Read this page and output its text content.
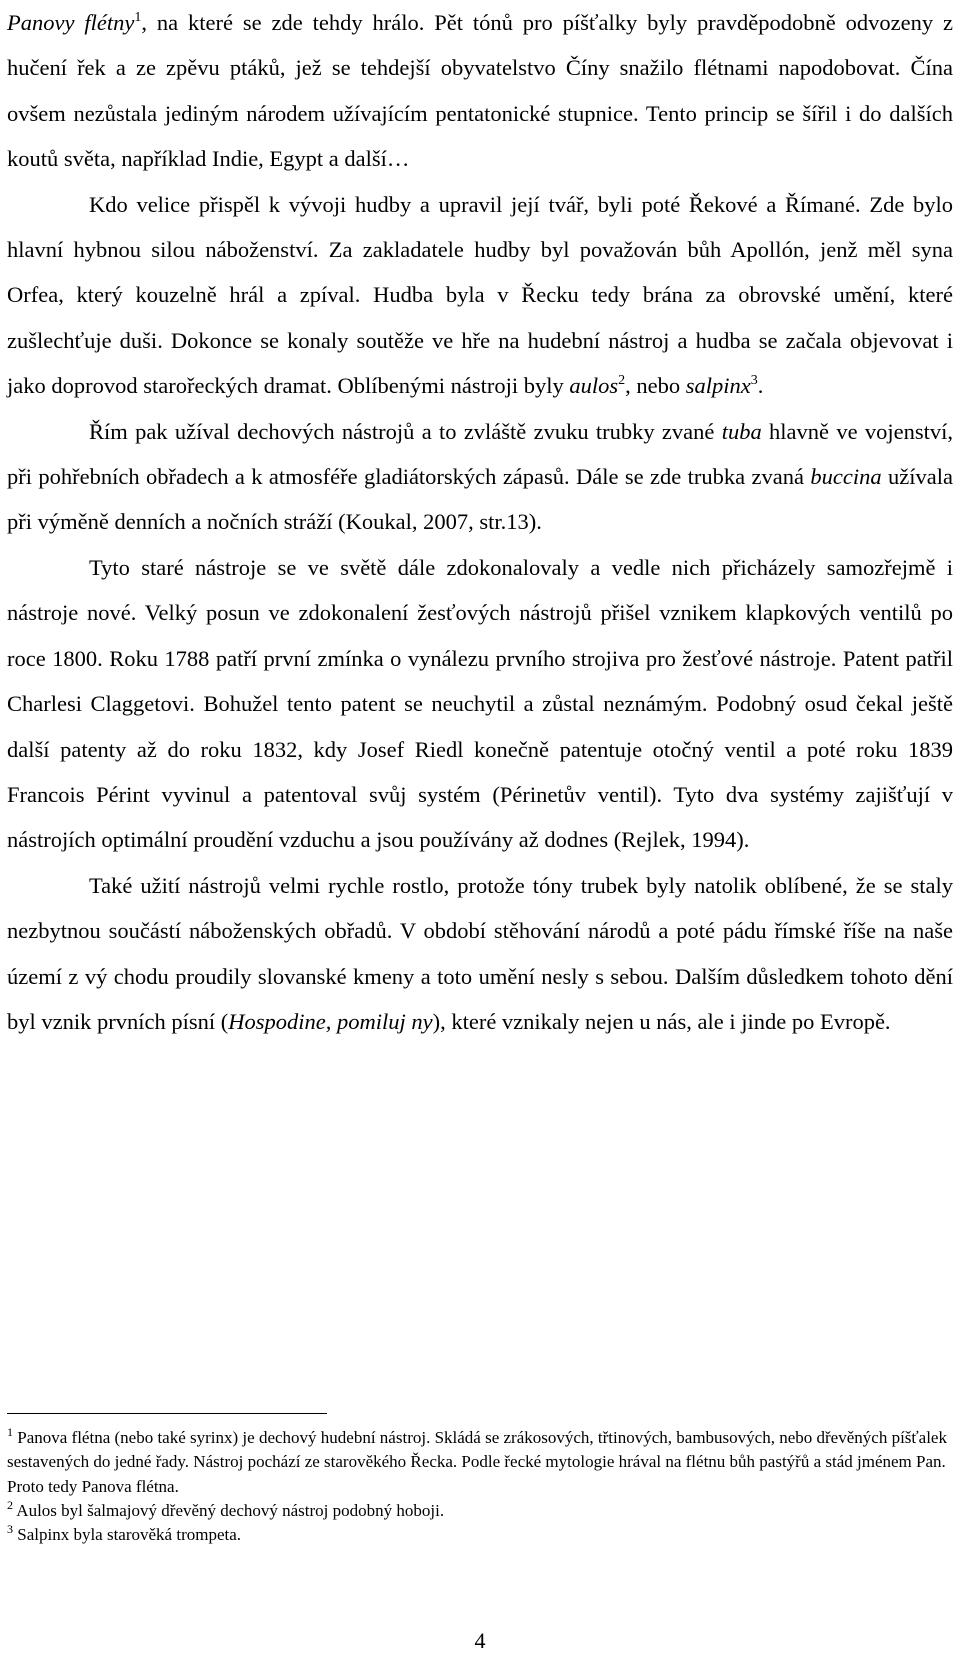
Panovy flétny$^1$, na které se zde tehdy hrálo. Pět tónů pro píšťalky byly pravděpodobně odvozeny z hučení řek a ze zpěvu ptáků, jež se tehdejší obyvatelstvo Číny snažilo flétnami napodobovat. Čína ovšem nezůstala jediným národem užívajícím pentatonické stupnice. Tento princip se šířil i do dalších koutů světa, například Indie, Egypt a další…

Kdo velice přispěl k vývoji hudby a upravil její tvář, byli poté Řekové a Římané. Zde bylo hlavní hybnou silou náboženství. Za zakladatele hudby byl považován bůh Apollón, jenž měl syna Orfea, který kouzelně hrál a zpíval. Hudba byla v Řecku tedy brána za obrovské umění, které zušlechťuje duši. Dokonce se konaly soutěže ve hře na hudební nástroj a hudba se začala objevovat i jako doprovod starořeckých dramat. Oblíbenými nástroji byly aulos$^2$, nebo salpinx$^3$.

Řím pak užíval dechových nástrojů a to zvláště zvuku trubky zvané tuba hlavně ve vojenství, při pohřebních obřadech a k atmosféře gladiátorských zápasů. Dále se zde trubka zvaná buccina užívala při výměně denních a nočních stráží (Koukal, 2007, str.13).

Tyto staré nástroje se ve světě dále zdokonalovaly a vedle nich přicházely samozřejmě i nástroje nové. Velký posun ve zdokonalení žesťových nástrojů přišel vznikem klapkových ventilů po roce 1800. Roku 1788 patří první zmínka o vynálezu prvního strojiva pro žesťové nástroje. Patent patřil Charlesi Claggetovi. Bohužel tento patent se neuchytil a zůstal neznámým. Podobný osud čekal ještě další patenty až do roku 1832, kdy Josef Riedl konečně patentuje otočný ventil a poté roku 1839 Francois Pérint vyvinul a patentoval svůj systém (Périnetův ventil). Tyto dva systémy zajišťují v nástrojích optimální proudění vzduchu a jsou používány až dodnes (Rejlek, 1994).

Také užití nástrojů velmi rychle rostlo, protože tóny trubek byly natolik oblíbené, že se staly nezbytnou součástí náboženských obřadů. V období stěhování národů a poté pádu římské říše na naše území z vý chodu proudily slovanské kmeny a toto umění nesly s sebou. Dalším důsledkem tohoto dění byl vznik prvních písní (Hospodine, pomiluj ny), které vznikaly nejen u nás, ale i jinde po Evropě.

$^1$ Panova flétna (nebo také syrinx) je dechový hudební nástroj. Skládá se zrákosových, třtinových, bambusových, nebo dřevěných píšťalek sestavených do jedné řady. Nástroj pochází ze starověkého Řecka. Podle řecké mytologie hrával na flétnu bůh pastýřů a stád jménem Pan. Proto tedy Panova flétna.

$^2$ Aulos byl šalmajový dřevěný dechový nástroj podobný hoboji.

$^3$ Salpinx byla starověká trompeta.

4
